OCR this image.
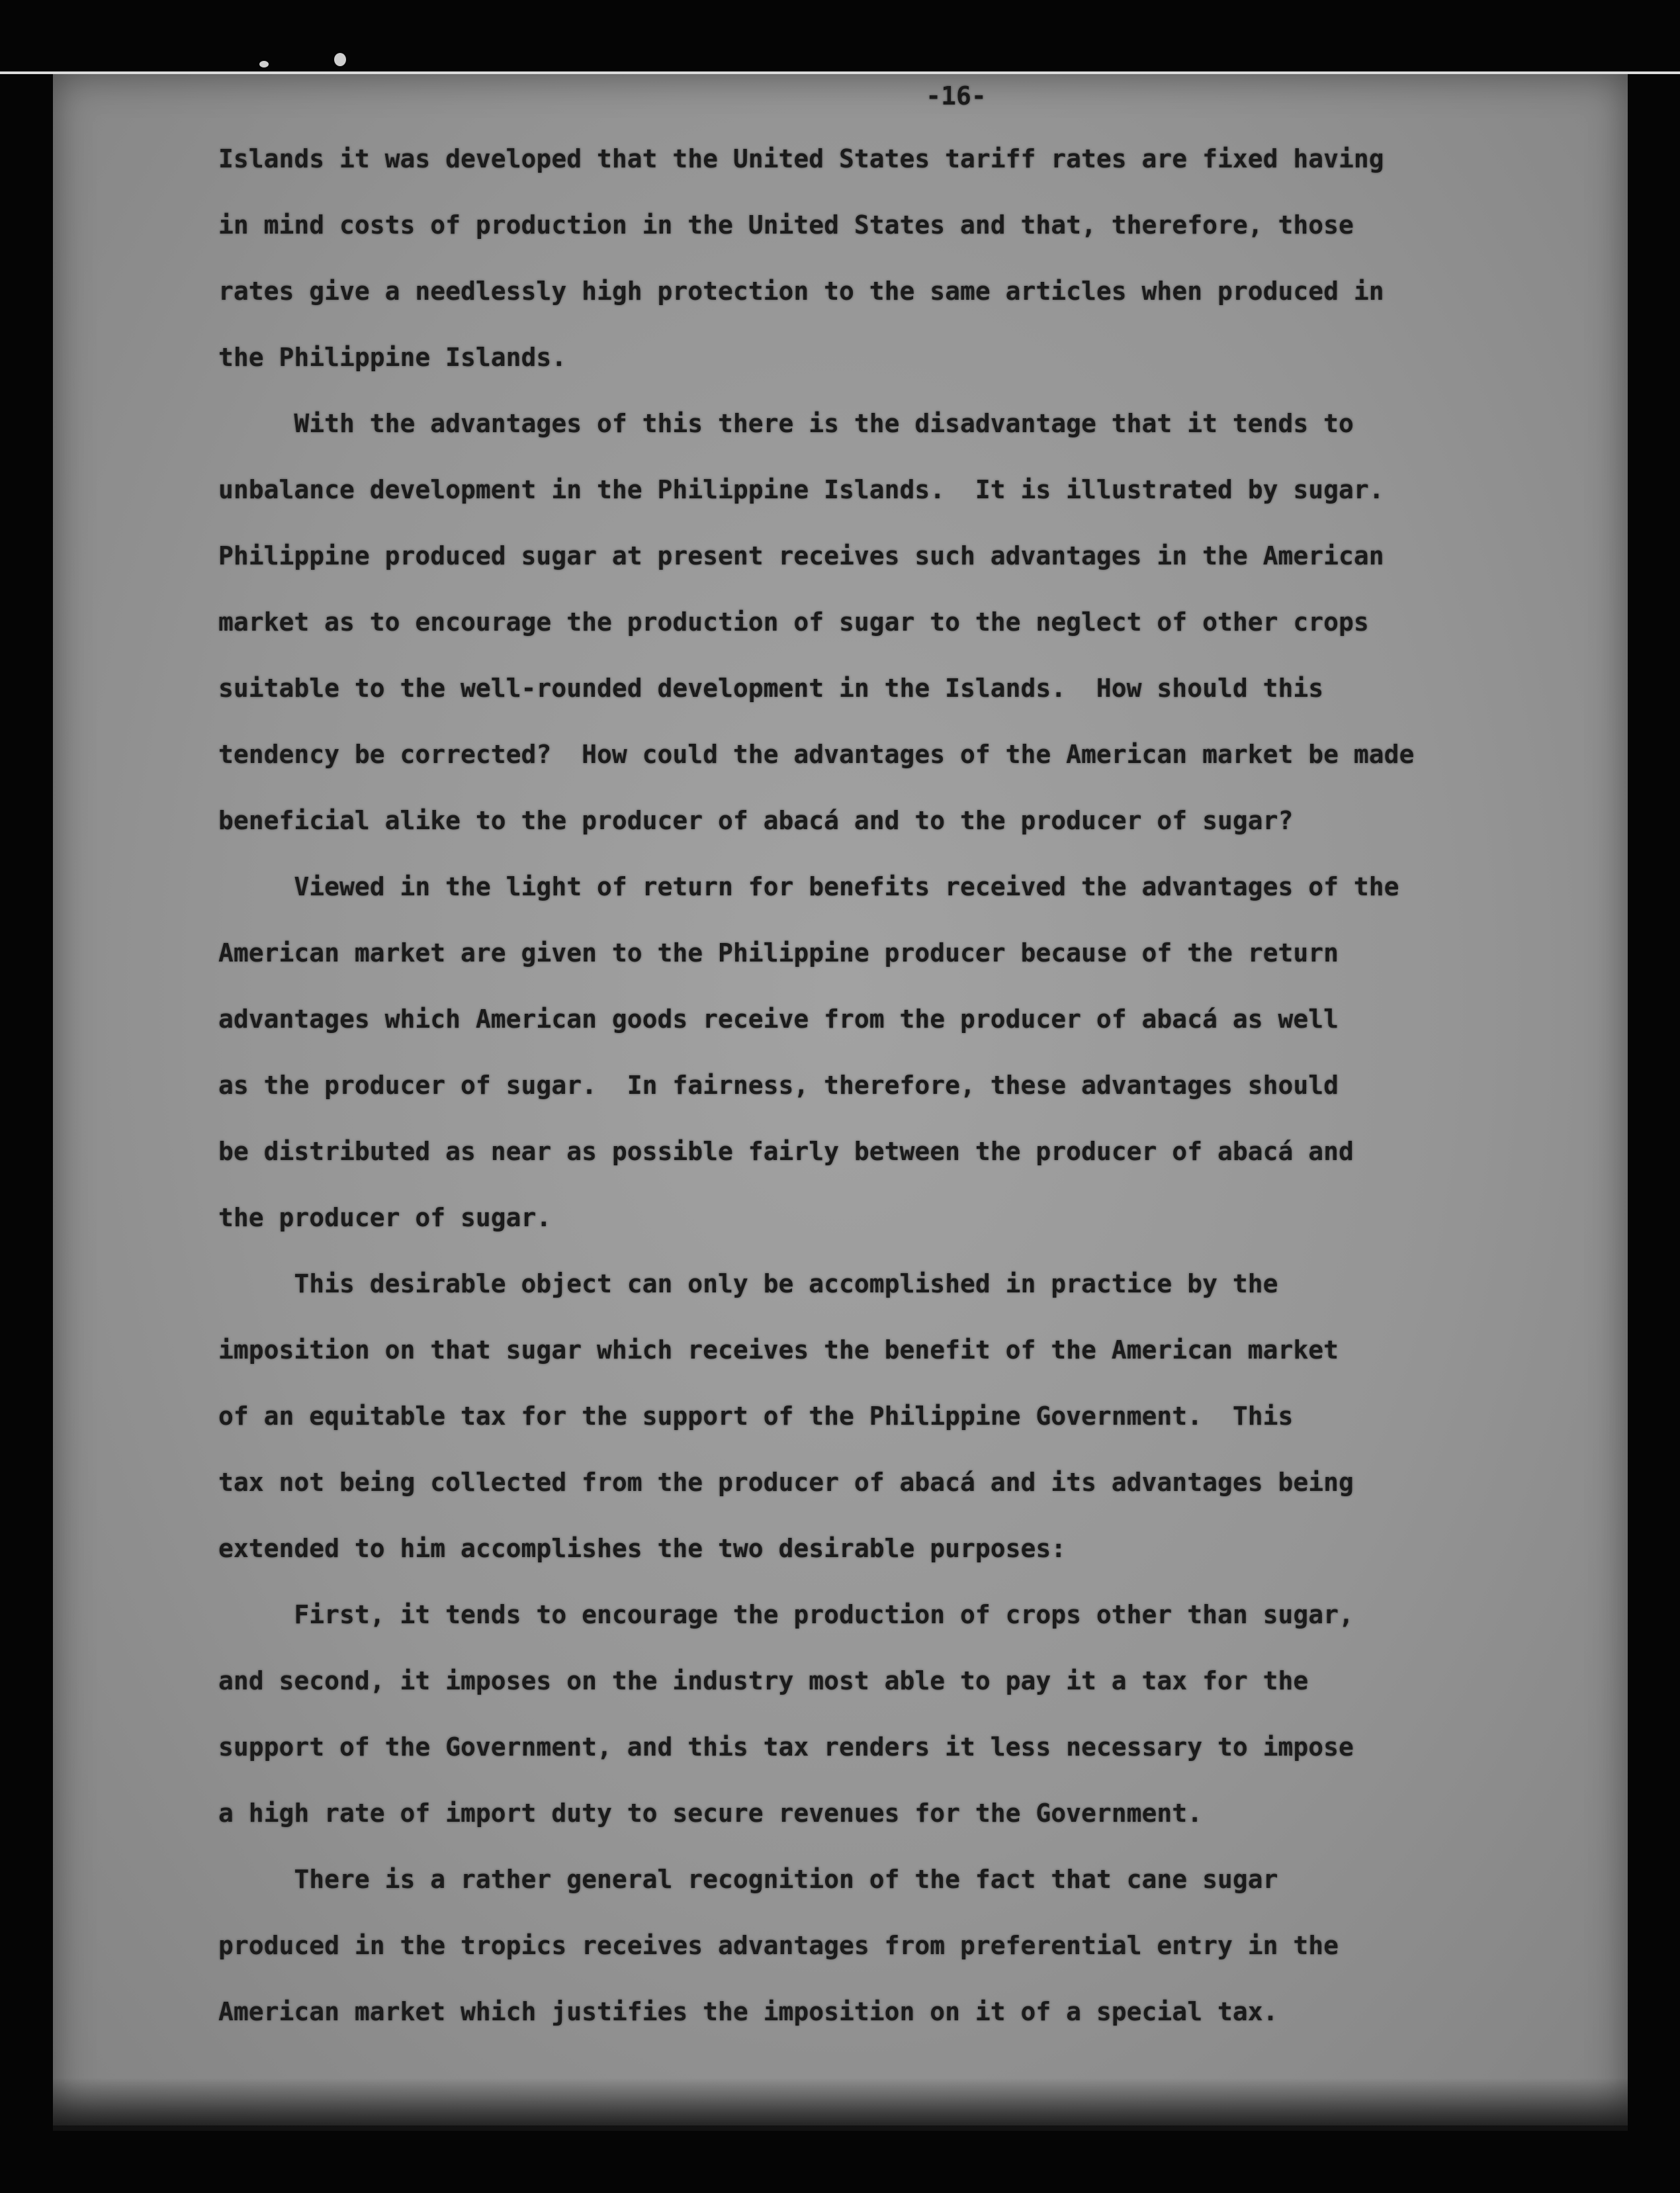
-16-
Islands it was developed that the United States tariff rates are fixed having
in mind costs of production in the United States and that, therefore, those
rates give a needlessly high protection to the same articles when produced in
the Philippine Islands.
With the advantages of this there is the disadvantage that it tends to
unbalance development in the Philippine Islands.  It is illustrated by sugar.
Philippine produced sugar at present receives such advantages in the American
market as to encourage the production of sugar to the neglect of other crops
suitable to the well-rounded development in the Islands.  How should this
tendency be corrected?  How could the advantages of the American market be made
beneficial alike to the producer of abacá and to the producer of sugar?
Viewed in the light of return for benefits received the advantages of the
American market are given to the Philippine producer because of the return
advantages which American goods receive from the producer of abacá as well
as the producer of sugar.  In fairness, therefore, these advantages should
be distributed as near as possible fairly between the producer of abacá and
the producer of sugar.
This desirable object can only be accomplished in practice by the
imposition on that sugar which receives the benefit of the American market
of an equitable tax for the support of the Philippine Government.  This
tax not being collected from the producer of abacá and its advantages being
extended to him accomplishes the two desirable purposes:
First, it tends to encourage the production of crops other than sugar,
and second, it imposes on the industry most able to pay it a tax for the
support of the Government, and this tax renders it less necessary to impose
a high rate of import duty to secure revenues for the Government.
There is a rather general recognition of the fact that cane sugar
produced in the tropics receives advantages from preferential entry in the
American market which justifies the imposition on it of a special tax.
